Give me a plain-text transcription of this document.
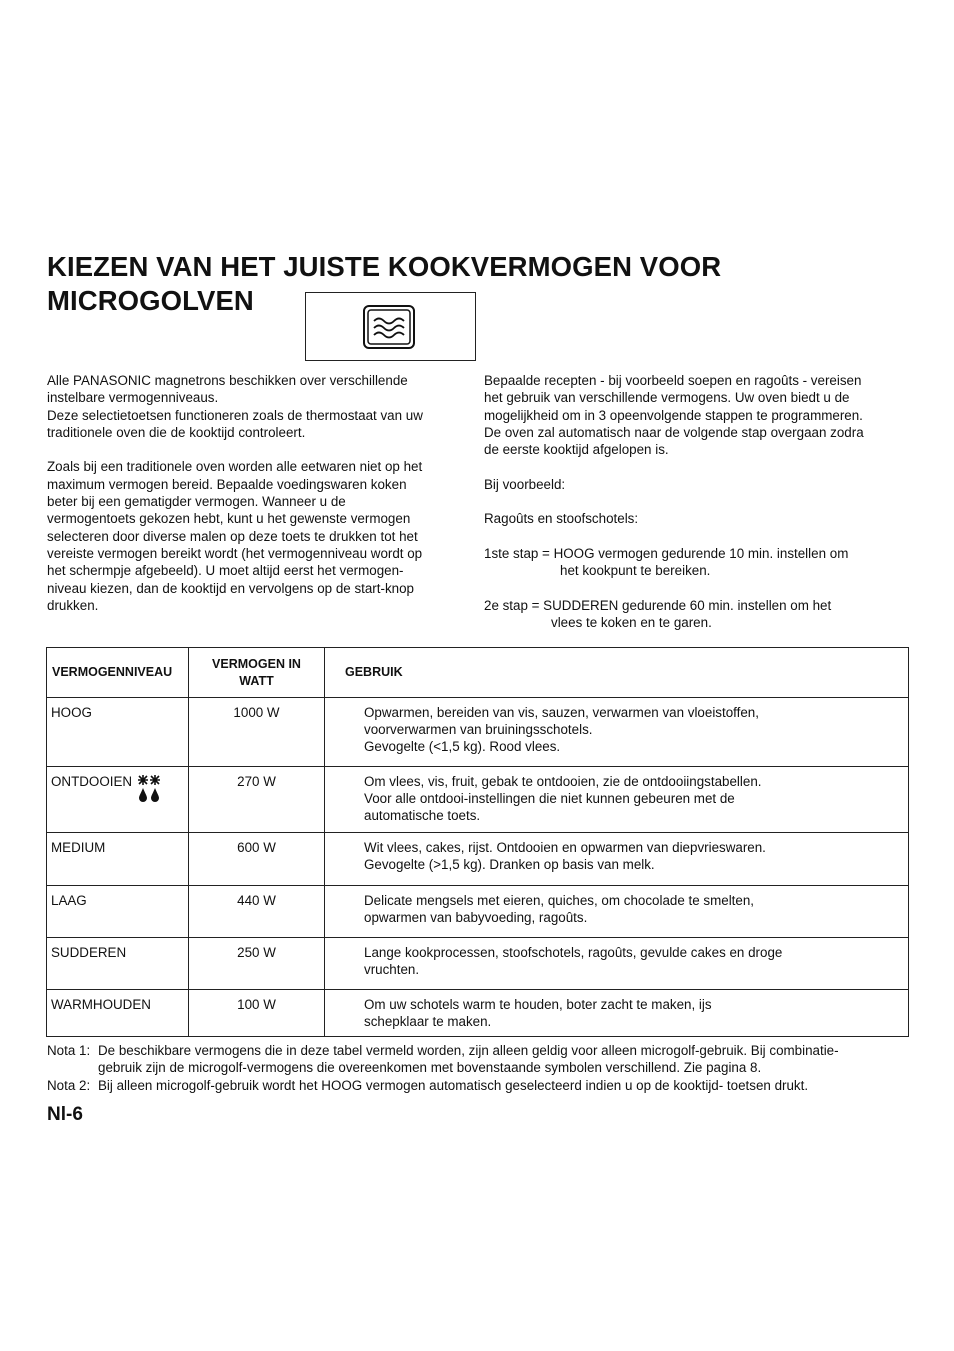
KIEZEN VAN HET JUISTE KOOKVERMOGEN VOOR
MICROGOLVEN

Alle PANASONIC magnetrons beschikken over verschillende

instelbare vermogenniveaus.

Deze selectietoetsen functioneren zoals de thermostaat van uw

traditionele oven die de kooktijd controleert.

Zoals bij een traditionele oven worden alle eetwaren niet op het

maximum vermogen bereid. Bepaalde voedingswaren koken

beter bij een gematigder vermogen. Wanneer u de

vermogentoets gekozen hebt, kunt u het gewenste vermogen

selecteren door diverse malen op deze toets te drukken tot het

vereiste vermogen bereikt wordt (het vermogenniveau wordt op

het schermpje afgebeeld). U moet altijd eerst het vermogen-

niveau kiezen, dan de kooktijd en vervolgens op de start-knop

drukken.

Bepaalde recepten - bij voorbeeld soepen en ragoûts - vereisen

het gebruik van verschillende vermogens. Uw oven biedt u de

mogelijkheid om in 3 opeenvolgende stappen te programmeren.

De oven zal automatisch naar de volgende stap overgaan zodra

de eerste kooktijd afgelopen is.

Bij voorbeeld:

Ragoûts en stoofschotels:

1ste stap = HOOG vermogen gedurende 10 min. instellen om

het kookpunt te bereiken.

2e stap = SUDDEREN gedurende 60 min. instellen om het

vlees te koken en te garen.

VERMOGENNIVEAU	VERMOGEN IN
WATT	GEBRUIK
HOOG	1000 W	Opwarmen, bereiden van vis, sauzen, verwarmen van vloeistoffen,
voorverwarmen van bruiningsschotels.
Gevogelte (<1,5 kg). Rood vlees.

ONTDOOIEN	270 W	Om vlees, vis, fruit, gebak te ontdooien, zie de ontdooiingstabellen.
Voor alle ontdooi-instellingen die niet kunnen gebeuren met de
automatische toets.

MEDIUM	600 W	Wit vlees, cakes, rijst. Ontdooien en opwarmen van diepvrieswaren.
Gevogelte (>1,5 kg). Dranken op basis van melk.

LAAG	440 W	Delicate mengsels met eieren, quiches, om chocolade te smelten,
opwarmen van babyvoeding, ragoûts.

SUDDEREN	250 W	Lange kookprocessen, stoofschotels, ragoûts, gevulde cakes en droge
vruchten.

WARMHOUDEN	100 W	Om uw schotels warm te houden, boter zacht te maken, ijs
schepklaar te maken.
Nota 1: De beschikbare vermogens die in deze tabel vermeld worden, zijn alleen geldig voor alleen microgolf-gebruik. Bij combinatie-
gebruik zijn de microgolf-vermogens die overeenkomen met bovenstaande symbolen verschillend. Zie pagina 8.
Nota 2: Bij alleen microgolf-gebruik wordt het HOOG vermogen automatisch geselecteerd indien u op de kooktijd- toetsen drukt.
Nl-6
